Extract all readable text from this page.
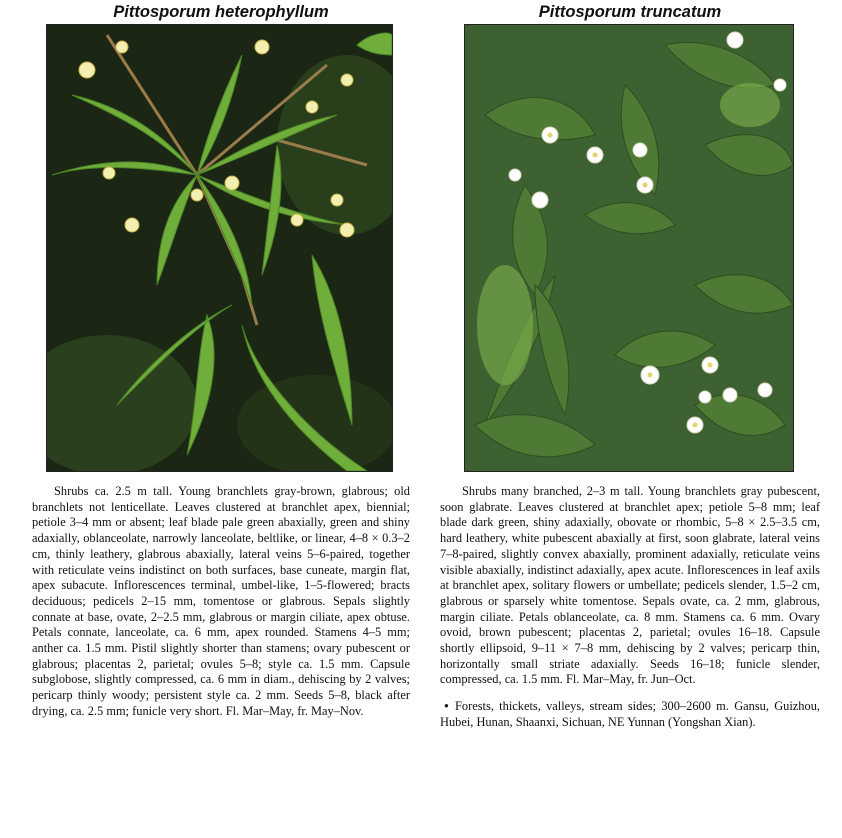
Pittosporum heterophyllum

Shrubs ca. 2.5 m tall. Young branchlets gray-brown, glabrous; old branchlets not lenticellate. Leaves clustered at branchlet apex, biennial; petiole 3–4 mm or absent; leaf blade pale green abaxially, green and shiny adaxially, oblanceolate, narrowly lanceolate, beltlike, or linear, 4–8 × 0.3–2 cm, thinly leathery, glabrous abaxially, lateral veins 5–6-paired, together with reticulate veins indistinct on both surfaces, base cuneate, margin flat, apex subacute. Inflorescences terminal, umbel-like, 1–5-flowered; bracts deciduous; pedicels 2–15 mm, tomentose or glabrous. Sepals slightly connate at base, ovate, 2–2.5 mm, glabrous or margin ciliate, apex obtuse. Petals connate, lanceolate, ca. 6 mm, apex rounded. Stamens 4–5 mm; anther ca. 1.5 mm. Pistil slightly shorter than stamens; ovary pubescent or glabrous; placentas 2, parietal; ovules 5–8; style ca. 1.5 mm. Capsule subglobose, slightly compressed, ca. 6 mm in diam., dehiscing by 2 valves; pericarp thinly woody; persistent style ca. 2 mm. Seeds 5–8, black after drying, ca. 2.5 mm; funicle very short. Fl. Mar–May, fr. May–Nov.

Pittosporum truncatum

Shrubs many branched, 2–3 m tall. Young branchlets gray pubescent, soon glabrate. Leaves clustered at branchlet apex; petiole 5–8 mm; leaf blade dark green, shiny adaxially, obovate or rhombic, 5–8 × 2.5–3.5 cm, hard leathery, white pubescent abaxially at first, soon glabrate, lateral veins 7–8-paired, slightly convex abaxially, prominent adaxially, reticulate veins visible abaxially, indistinct adaxially, apex acute. Inflorescences in leaf axils at branchlet apex, solitary flowers or umbellate; pedicels slender, 1.5–2 cm, glabrous or sparsely white tomentose. Sepals ovate, ca. 2 mm, glabrous, margin ciliate. Petals oblanceolate, ca. 8 mm. Stamens ca. 6 mm. Ovary ovoid, brown pubescent; placentas 2, parietal; ovules 16–18. Capsule shortly ellipsoid, 9–11 × 7–8 mm, dehiscing by 2 valves; pericarp thin, horizontally small striate adaxially. Seeds 16–18; funicle slender, compressed, ca. 1.5 mm. Fl. Mar–May, fr. Jun–Oct.

● Forests, thickets, valleys, stream sides; 300–2600 m. Gansu, Guizhou, Hubei, Hunan, Shaanxi, Sichuan, NE Yunnan (Yongshan Xian).
